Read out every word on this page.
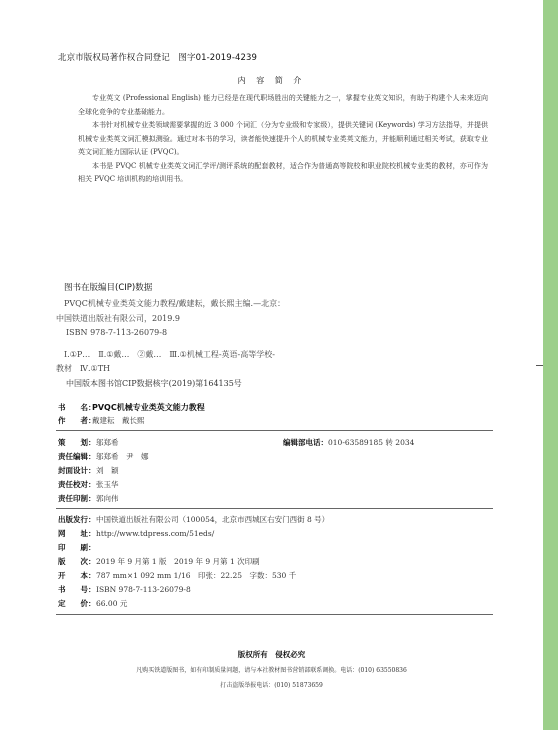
北京市版权局著作权合同登记　图字01-2019-4239
内 容 简 介

专业英文 (Professional English) 能力已经是在现代职场胜出的关键能力之一，掌握专业英文知识，有助于构建个人未来迈向全球化竞争的专业基础能力。

本书针对机械专业类领域需要掌握的近 3 000 个词汇（分为专业级和专家级），提供关键词 (Keywords) 学习方法指导，并提供机械专业类英文词汇模拟测验。通过对本书的学习，读者能快速提升个人的机械专业类英文能力，并能顺利通过相关考试，获取专业英文词汇能力国际认证 (PVQC)。

本书是 PVQC 机械专业类英文词汇学评/测评系统的配套教材，适合作为普通高等院校和职业院校机械专业类的教材，亦可作为相关 PVQC 培训机构的培训用书。

图书在版编目(CIP)数据
PVQC机械专业类英文能力教程/戴建耘，戴长熙主编.—北京：
中国铁道出版社有限公司，2019.9
ISBN 978-7-113-26079-8
Ⅰ.①P…　Ⅱ.①戴…　②戴…　Ⅲ.①机械工程-英语-高等学校-
教材　Ⅳ.①TH
中国版本图书馆CIP数据核字(2019)第164135号
书　　名：PVQC机械专业类英文能力教程
作　　者：戴建耘　戴长熙
策　　划：邬郑希	编辑部电话：010-63589185 转 2034
责任编辑：邬郑希　尹　娜
封面设计：刘　颖
责任校对：张玉华
责任印制：郭向伟
出版发行：中国铁道出版社有限公司（100054，北京市西城区右安门西街 8 号）
网　　址：http://www.tdpress.com/51eds/
印　　刷：
版　　次：2019 年 9 月第 1 版　2019 年 9 月第 1 次印刷
开　　本：787 mm×1 092 mm 1/16　印张：22.25　字数：530 千
书　　号：ISBN 978-7-113-26079-8
定　　价：66.00 元
版权所有　侵权必究
凡购买铁道版图书，如有印制质量问题，请与本社教材图书营销部联系调换。电话：(010) 63550836
打击盗版举报电话：(010) 51873659
